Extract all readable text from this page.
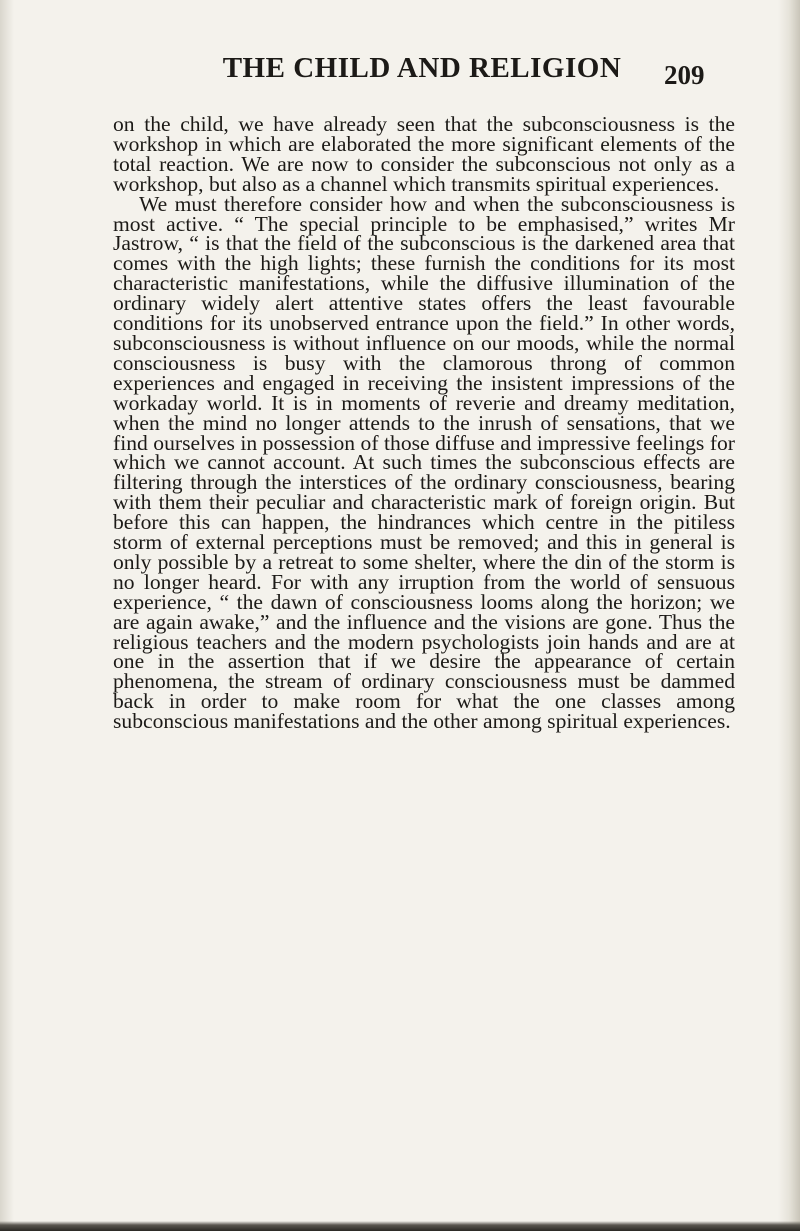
THE CHILD AND RELIGION	209

on the child, we have already seen that the subconsciousness is the workshop in which are elaborated the more significant elements of the total reaction. We are now to consider the subconscious not only as a workshop, but also as a channel which transmits spiritual experiences.

We must therefore consider how and when the subconsciousness is most active. “ The special principle to be emphasised,” writes Mr Jastrow, “ is that the field of the subconscious is the darkened area that comes with the high lights; these furnish the conditions for its most characteristic manifestations, while the diffusive illumination of the ordinary widely alert attentive states offers the least favourable conditions for its unobserved entrance upon the field.” In other words, subconsciousness is without influence on our moods, while the normal consciousness is busy with the clamorous throng of common experiences and engaged in receiving the insistent impressions of the workaday world. It is in moments of reverie and dreamy meditation, when the mind no longer attends to the inrush of sensations, that we find ourselves in possession of those diffuse and impressive feelings for which we cannot account. At such times the subconscious effects are filtering through the interstices of the ordinary consciousness, bearing with them their peculiar and characteristic mark of foreign origin. But before this can happen, the hindrances which centre in the pitiless storm of external perceptions must be removed; and this in general is only possible by a retreat to some shelter, where the din of the storm is no longer heard. For with any irruption from the world of sensuous experience, “ the dawn of consciousness looms along the horizon; we are again awake,” and the influence and the visions are gone. Thus the religious teachers and the modern psychologists join hands and are at one in the assertion that if we desire the appearance of certain phenomena, the stream of ordinary consciousness must be dammed back in order to make room for what the one classes among subconscious manifestations and the other among spiritual experiences.
